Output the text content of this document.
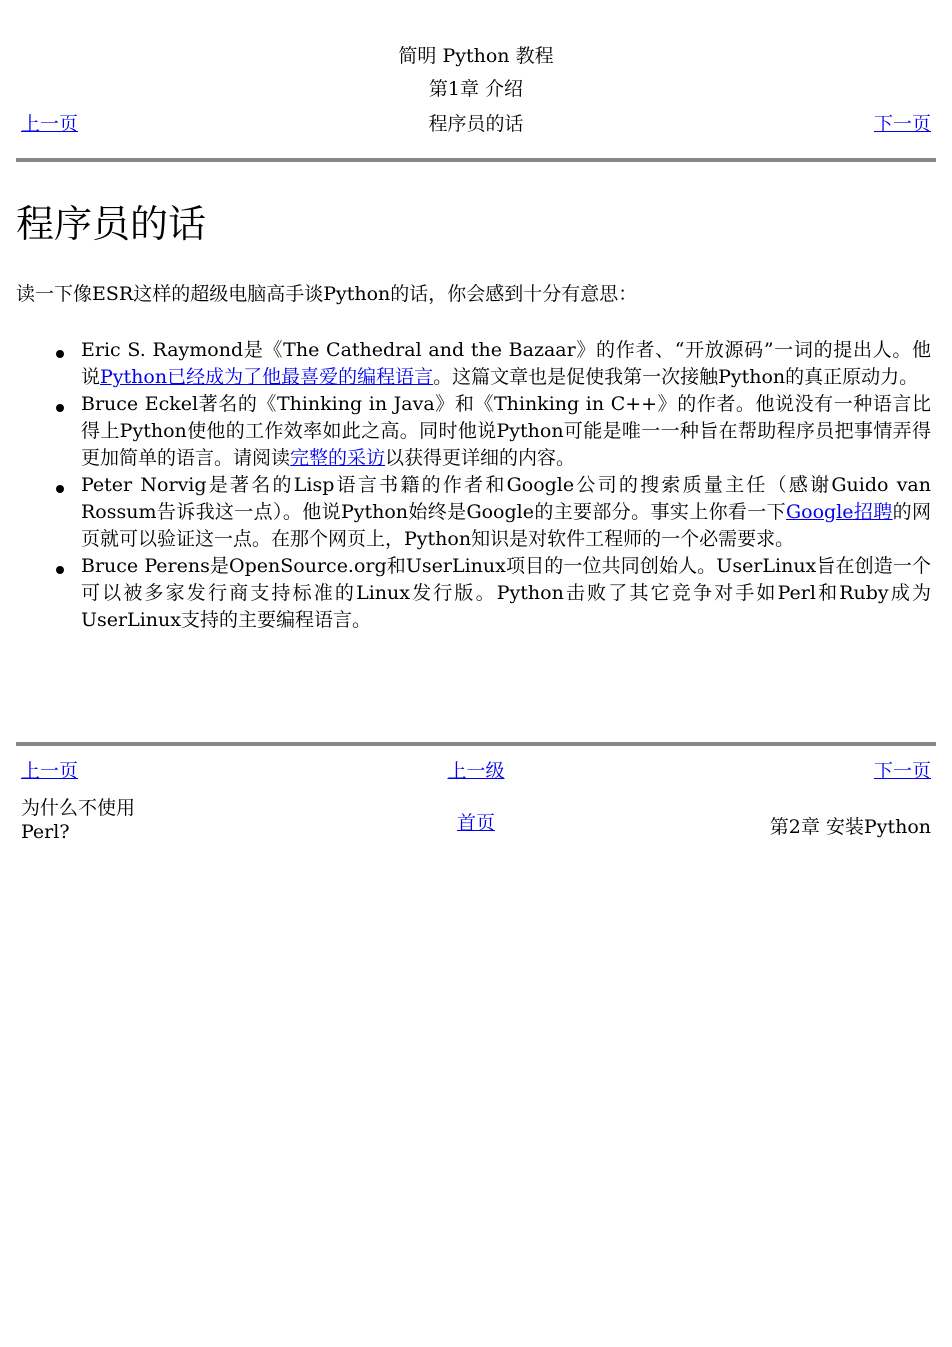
简明 Python 教程
第1章 介绍
上一页	程序员的话	下一页
程序员的话

读一下像ESR这样的超级电脑高手谈Python的话，你会感到十分有意思：

Eric S. Raymond是《The Cathedral and the Bazaar》的作者、“开放源码”一词的提出人。他说Python已经成为了他最喜爱的编程语言。这篇文章也是促使我第一次接触Python的真正原动力。
Bruce Eckel著名的《Thinking in Java》和《Thinking in C++》的作者。他说没有一种语言比得上Python使他的工作效率如此之高。同时他说Python可能是唯一一种旨在帮助程序员把事情弄得更加简单的语言。请阅读完整的采访以获得更详细的内容。
Peter Norvig是著名的Lisp语言书籍的作者和Google公司的搜索质量主任（感谢Guido van Rossum告诉我这一点）。他说Python始终是Google的主要部分。事实上你看一下Google招聘的网页就可以验证这一点。在那个网页上，Python知识是对软件工程师的一个必需要求。
Bruce Perens是OpenSource.org和UserLinux项目的一位共同创始人。UserLinux旨在创造一个可以被多家发行商支持标准的Linux发行版。Python击败了其它竞争对手如Perl和Ruby成为UserLinux支持的主要编程语言。
上一页	上一级	下一页
为什么不使用Perl?	首页	第2章 安装Python
